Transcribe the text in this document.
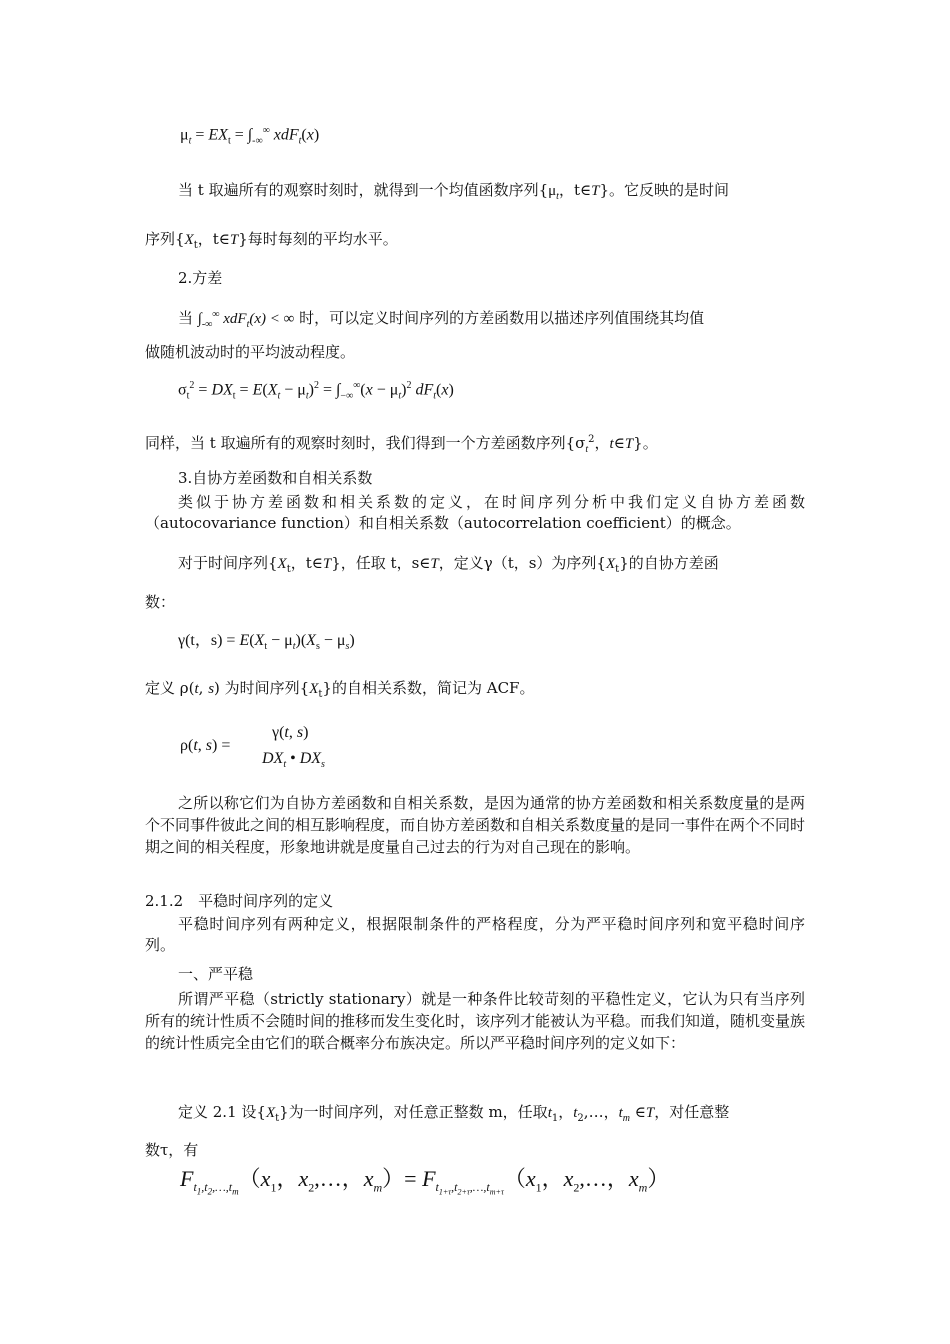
$\mu_t = EX_t = \int_{-\infty}^\infty$ xdF$_t$(x)
当 t 取遍所有的观察时刻时，就得到一个均值函数序列{$\mu_t$，t∈T}。它反映的是时间
序列{$X_t$，t∈T}每时每刻的平均水平。
2.方差
当 $\int_{-\infty}^\infty$ xdF$_t$(x) < ∞ 时，可以定义时间序列的方差函数用以描述序列值围绕其均值
做随机波动时的平均波动程度。
$\sigma_t^2 = DX_t = E(X_t - \mu_t)^2 = \int_{-\infty}^\infty(x - \mu_t)^2$ $dF_t(x)$
同样，当 t 取遍所有的观察时刻时，我们得到一个方差函数序列{$\sigma_t^2$，t∈T}。
3.自协方差函数和自相关系数
类似于协方差函数和相关系数的定义，在时间序列分析中我们定义自协方差函数（autocovariance function）和自相关系数（autocorrelation coefficient）的概念。
对于时间序列{$X_t$，t∈T}，任取 t，s∈T，定义γ（t，s）为序列$\{X_t\}$的自协方差函
数：
γ(t，$s) = E(X_t - \mu_t)(X_s - \mu_s)$
定义 ρ(t, s) 为时间序列$\{X_t\}$的自相关系数，简记为 ACF。
ρ(t, s) =
γ(t, s)
$DX_t$ • $DX_s$
之所以称它们为自协方差函数和自相关系数，是因为通常的协方差函数和相关系数度量的是两个不同事件彼此之间的相互影响程度，而自协方差函数和自相关系数度量的是同一事件在两个不同时期之间的相关程度，形象地讲就是度量自己过去的行为对自己现在的影响。
2.1.2　平稳时间序列的定义
平稳时间序列有两种定义，根据限制条件的严格程度，分为严平稳时间序列和宽平稳时间序列。
一、严平稳
所谓严平稳（strictly stationary）就是一种条件比较苛刻的平稳性定义，它认为只有当序列所有的统计性质不会随时间的推移而发生变化时，该序列才能被认为平稳。而我们知道，随机变量族的统计性质完全由它们的联合概率分布族决定。所以严平稳时间序列的定义如下：
定义 2.1 设$\{X_t\}$为一时间序列，对任意正整数 m，任取$t_1$，$t_2,\dots$，$t_m$ ∈T，对任意整
数τ，有
$F_{t_1,t_2,\dots,t_m}(x_1$，$x_2,\dots$，$x_m)= F_{t_{1+\tau},t_{2+\tau},\dots,t_{m+\tau}}(x_1$，$x_2,\dots$，$x_m$）
